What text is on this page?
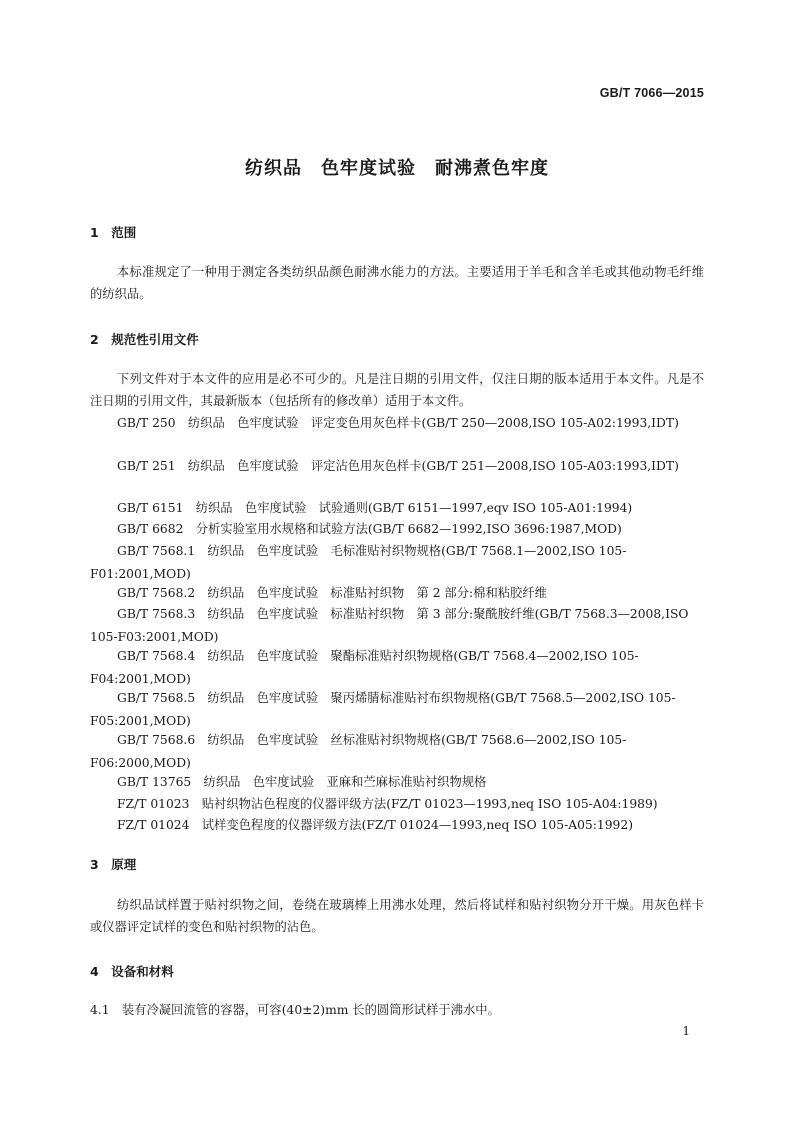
GB/T 7066—2015
纺织品　色牢度试验　耐沸煮色牢度
1　范围
本标准规定了一种用于测定各类纺织品颜色耐沸水能力的方法。主要适用于羊毛和含羊毛或其他动物毛纤维的纺织品。
2　规范性引用文件
下列文件对于本文件的应用是必不可少的。凡是注日期的引用文件，仅注日期的版本适用于本文件。凡是不注日期的引用文件，其最新版本（包括所有的修改单）适用于本文件。
GB/T 250　纺织品　色牢度试验　评定变色用灰色样卡(GB/T 250—2008,ISO 105-A02:1993,IDT)
GB/T 251　纺织品　色牢度试验　评定沾色用灰色样卡(GB/T 251—2008,ISO 105-A03:1993,IDT)
GB/T 6151　纺织品　色牢度试验　试验通则(GB/T 6151—1997,eqv ISO 105-A01:1994)
GB/T 6682　分析实验室用水规格和试验方法(GB/T 6682—1992,ISO 3696:1987,MOD)
GB/T 7568.1　纺织品　色牢度试验　毛标准贴衬织物规格(GB/T 7568.1—2002,ISO 105-F01:2001,MOD)
GB/T 7568.2　纺织品　色牢度试验　标准贴衬织物　第 2 部分:棉和粘胶纤维
GB/T 7568.3　纺织品　色牢度试验　标准贴衬织物　第 3 部分:聚酰胺纤维(GB/T 7568.3—2008,ISO 105-F03:2001,MOD)
GB/T 7568.4　纺织品　色牢度试验　聚酯标准贴衬织物规格(GB/T 7568.4—2002,ISO 105-F04:2001,MOD)
GB/T 7568.5　纺织品　色牢度试验　聚丙烯腈标准贴衬布织物规格(GB/T 7568.5—2002,ISO 105-F05:2001,MOD)
GB/T 7568.6　纺织品　色牢度试验　丝标准贴衬织物规格(GB/T 7568.6—2002,ISO 105-F06:2000,MOD)
GB/T 13765　纺织品　色牢度试验　亚麻和苎麻标准贴衬织物规格
FZ/T 01023　贴衬织物沾色程度的仪器评级方法(FZ/T 01023—1993,neq ISO 105-A04:1989)
FZ/T 01024　试样变色程度的仪器评级方法(FZ/T 01024—1993,neq ISO 105-A05:1992)
3　原理
纺织品试样置于贴衬织物之间，卷绕在玻璃棒上用沸水处理，然后将试样和贴衬织物分开干燥。用灰色样卡或仪器评定试样的变色和贴衬织物的沾色。
4　设备和材料
4.1　装有冷凝回流管的容器，可容(40±2)mm 长的圆筒形试样于沸水中。
1
